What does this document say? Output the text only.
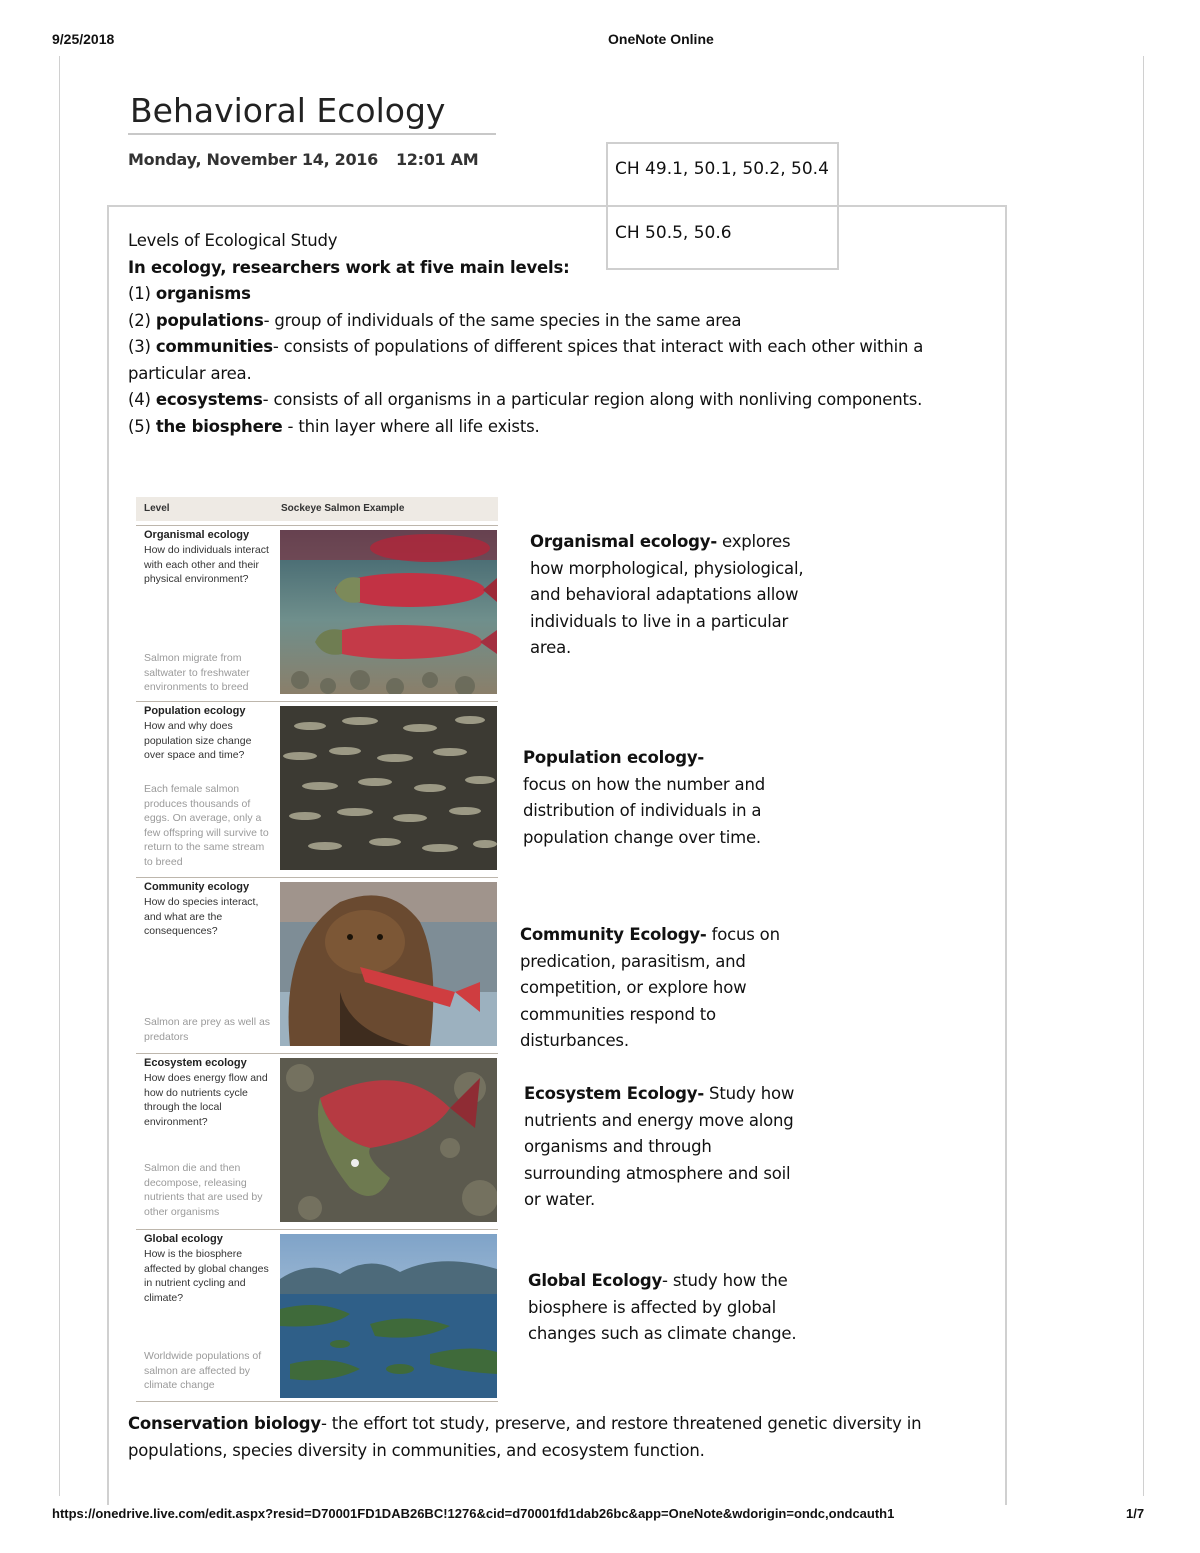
9/25/2018	OneNote Online
Behavioral Ecology
Monday, November 14, 2016 12:01 AM	CH 49.1, 50.1, 50.2, 50.4
CH 50.5, 50.6
Levels of Ecological Study
In ecology, researchers work at five main levels:
(1) organisms
(2) populations- group of individuals of the same species in the same area
(3) communities- consists of populations of different spices that interact with each other within a
particular area.
(4) ecosystems- consists of all organisms in a particular region along with nonliving components.
(5) the biosphere - thin layer where all life exists.
Level	Sockeye Salmon Example
Organismal ecology
How do individuals interact with each other and their physical environment?
Salmon migrate from saltwater to freshwater environments to breed
Population ecology
How and why does population size change over space and time?
Each female salmon produces thousands of eggs. On average, only a few offspring will survive to return to the same stream to breed
Community ecology
How do species interact, and what are the consequences?
Salmon are prey as well as predators
Ecosystem ecology
How does energy flow and how do nutrients cycle through the local environment?
Salmon die and then decompose, releasing nutrients that are used by other organisms
Global ecology
How is the biosphere affected by global changes in nutrient cycling and climate?
Worldwide populations of salmon are affected by climate change
Organismal ecology- explores how morphological, physiological, and behavioral adaptations allow individuals to live in a particular area.
Population ecology-
focus on how the number and distribution of individuals in a population change over time.
Community Ecology- focus on predication, parasitism, and competition, or explore how communities respond to disturbances.
Ecosystem Ecology- Study how nutrients and energy move along organisms and through surrounding atmosphere and soil or water.
Global Ecology- study how the biosphere is affected by global changes such as climate change.
Conservation biology- the effort tot study, preserve, and restore threatened genetic diversity in
populations, species diversity in communities, and ecosystem function.
https://onedrive.live.com/edit.aspx?resid=D70001FD1DAB26BC!1276&cid=d70001fd1dab26bc&app=OneNote&wdorigin=ondc,ondcauth1	1/7
